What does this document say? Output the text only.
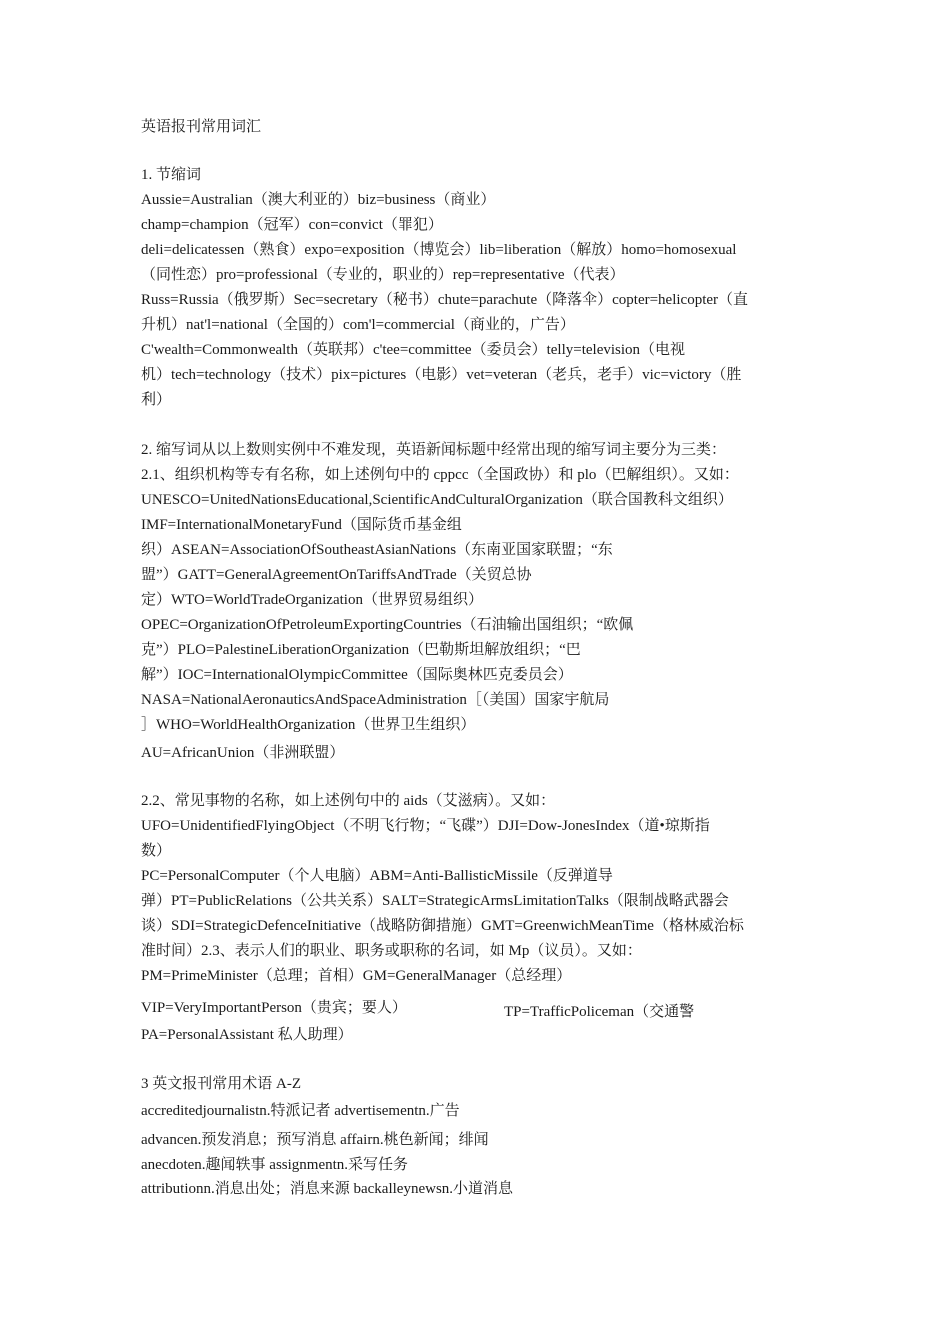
英语报刊常用词汇
1. 节缩词
Aussie=Australian（澳大利亚的）biz=business（商业）
champ=champion（冠军）con=convict（罪犯）
deli=delicatessen（熟食）expo=exposition（博览会）lib=liberation（解放）homo=homosexual
（同性恋）pro=professional（专业的，职业的）rep=representative（代表）
Russ=Russia（俄罗斯）Sec=secretary（秘书）chute=parachute（降落伞）copter=helicopter（直
升机）nat'l=national（全国的）com'l=commercial（商业的，广告）
C'wealth=Commonwealth（英联邦）c'tee=committee（委员会）telly=television（电视
机）tech=technology（技术）pix=pictures（电影）vet=veteran（老兵，老手）vic=victory（胜
利）
2. 缩写词从以上数则实例中不难发现，英语新闻标题中经常出现的缩写词主要分为三类：
2.1、组织机构等专有名称，如上述例句中的 cppcc（全国政协）和 plo（巴解组织）。又如：
UNESCO=UnitedNationsEducational,ScientificAndCulturalOrganization（联合国教科文组织）
IMF=InternationalMonetaryFund（国际货币基金组
织）ASEAN=AssociationOfSoutheastAsianNations（东南亚国家联盟；“东
盟”）GATT=GeneralAgreementOnTariffsAndTrade（关贸总协
定）WTO=WorldTradeOrganization（世界贸易组织）
OPEC=OrganizationOfPetroleumExportingCountries（石油输出国组织；“欧佩
克”）PLO=PalestineLiberationOrganization（巴勒斯坦解放组织；“巴
解”）IOC=InternationalOlympicCommittee（国际奥林匹克委员会）
NASA=NationalAeronauticsAndSpaceAdministration［（美国）国家宇航局
］WHO=WorldHealthOrganization（世界卫生组织）
AU=AfricanUnion（非洲联盟）
2.2、常见事物的名称，如上述例句中的 aids（艾滋病）。又如：
UFO=UnidentifiedFlyingObject（不明飞行物；“飞碟”）DJI=Dow-JonesIndex（道•琼斯指
数）
PC=PersonalComputer（个人电脑）ABM=Anti-BallisticMissile（反弹道导
弹）PT=PublicRelations（公共关系）SALT=StrategicArmsLimitationTalks（限制战略武器会
谈）SDI=StrategicDefenceInitiative（战略防御措施）GMT=GreenwichMeanTime（格林威治标
准时间）2.3、表示人们的职业、职务或职称的名词，如 Mp（议员）。又如：
PM=PrimeMinister（总理；首相）GM=GeneralManager（总经理）
VIP=VeryImportantPerson（贵宾；要人）	TP=TrafficPoliceman（交通警
PA=PersonalAssistant 私人助理）
3 英文报刊常用术语 A-Z
accreditedjournalistn.特派记者 advertisementn.广告
advancen.预发消息；预写消息 affairn.桃色新闻；绯闻
anecdoten.趣闻轶事 assignmentn.采写任务
attributionn.消息出处；消息来源 backalleynewsn.小道消息
